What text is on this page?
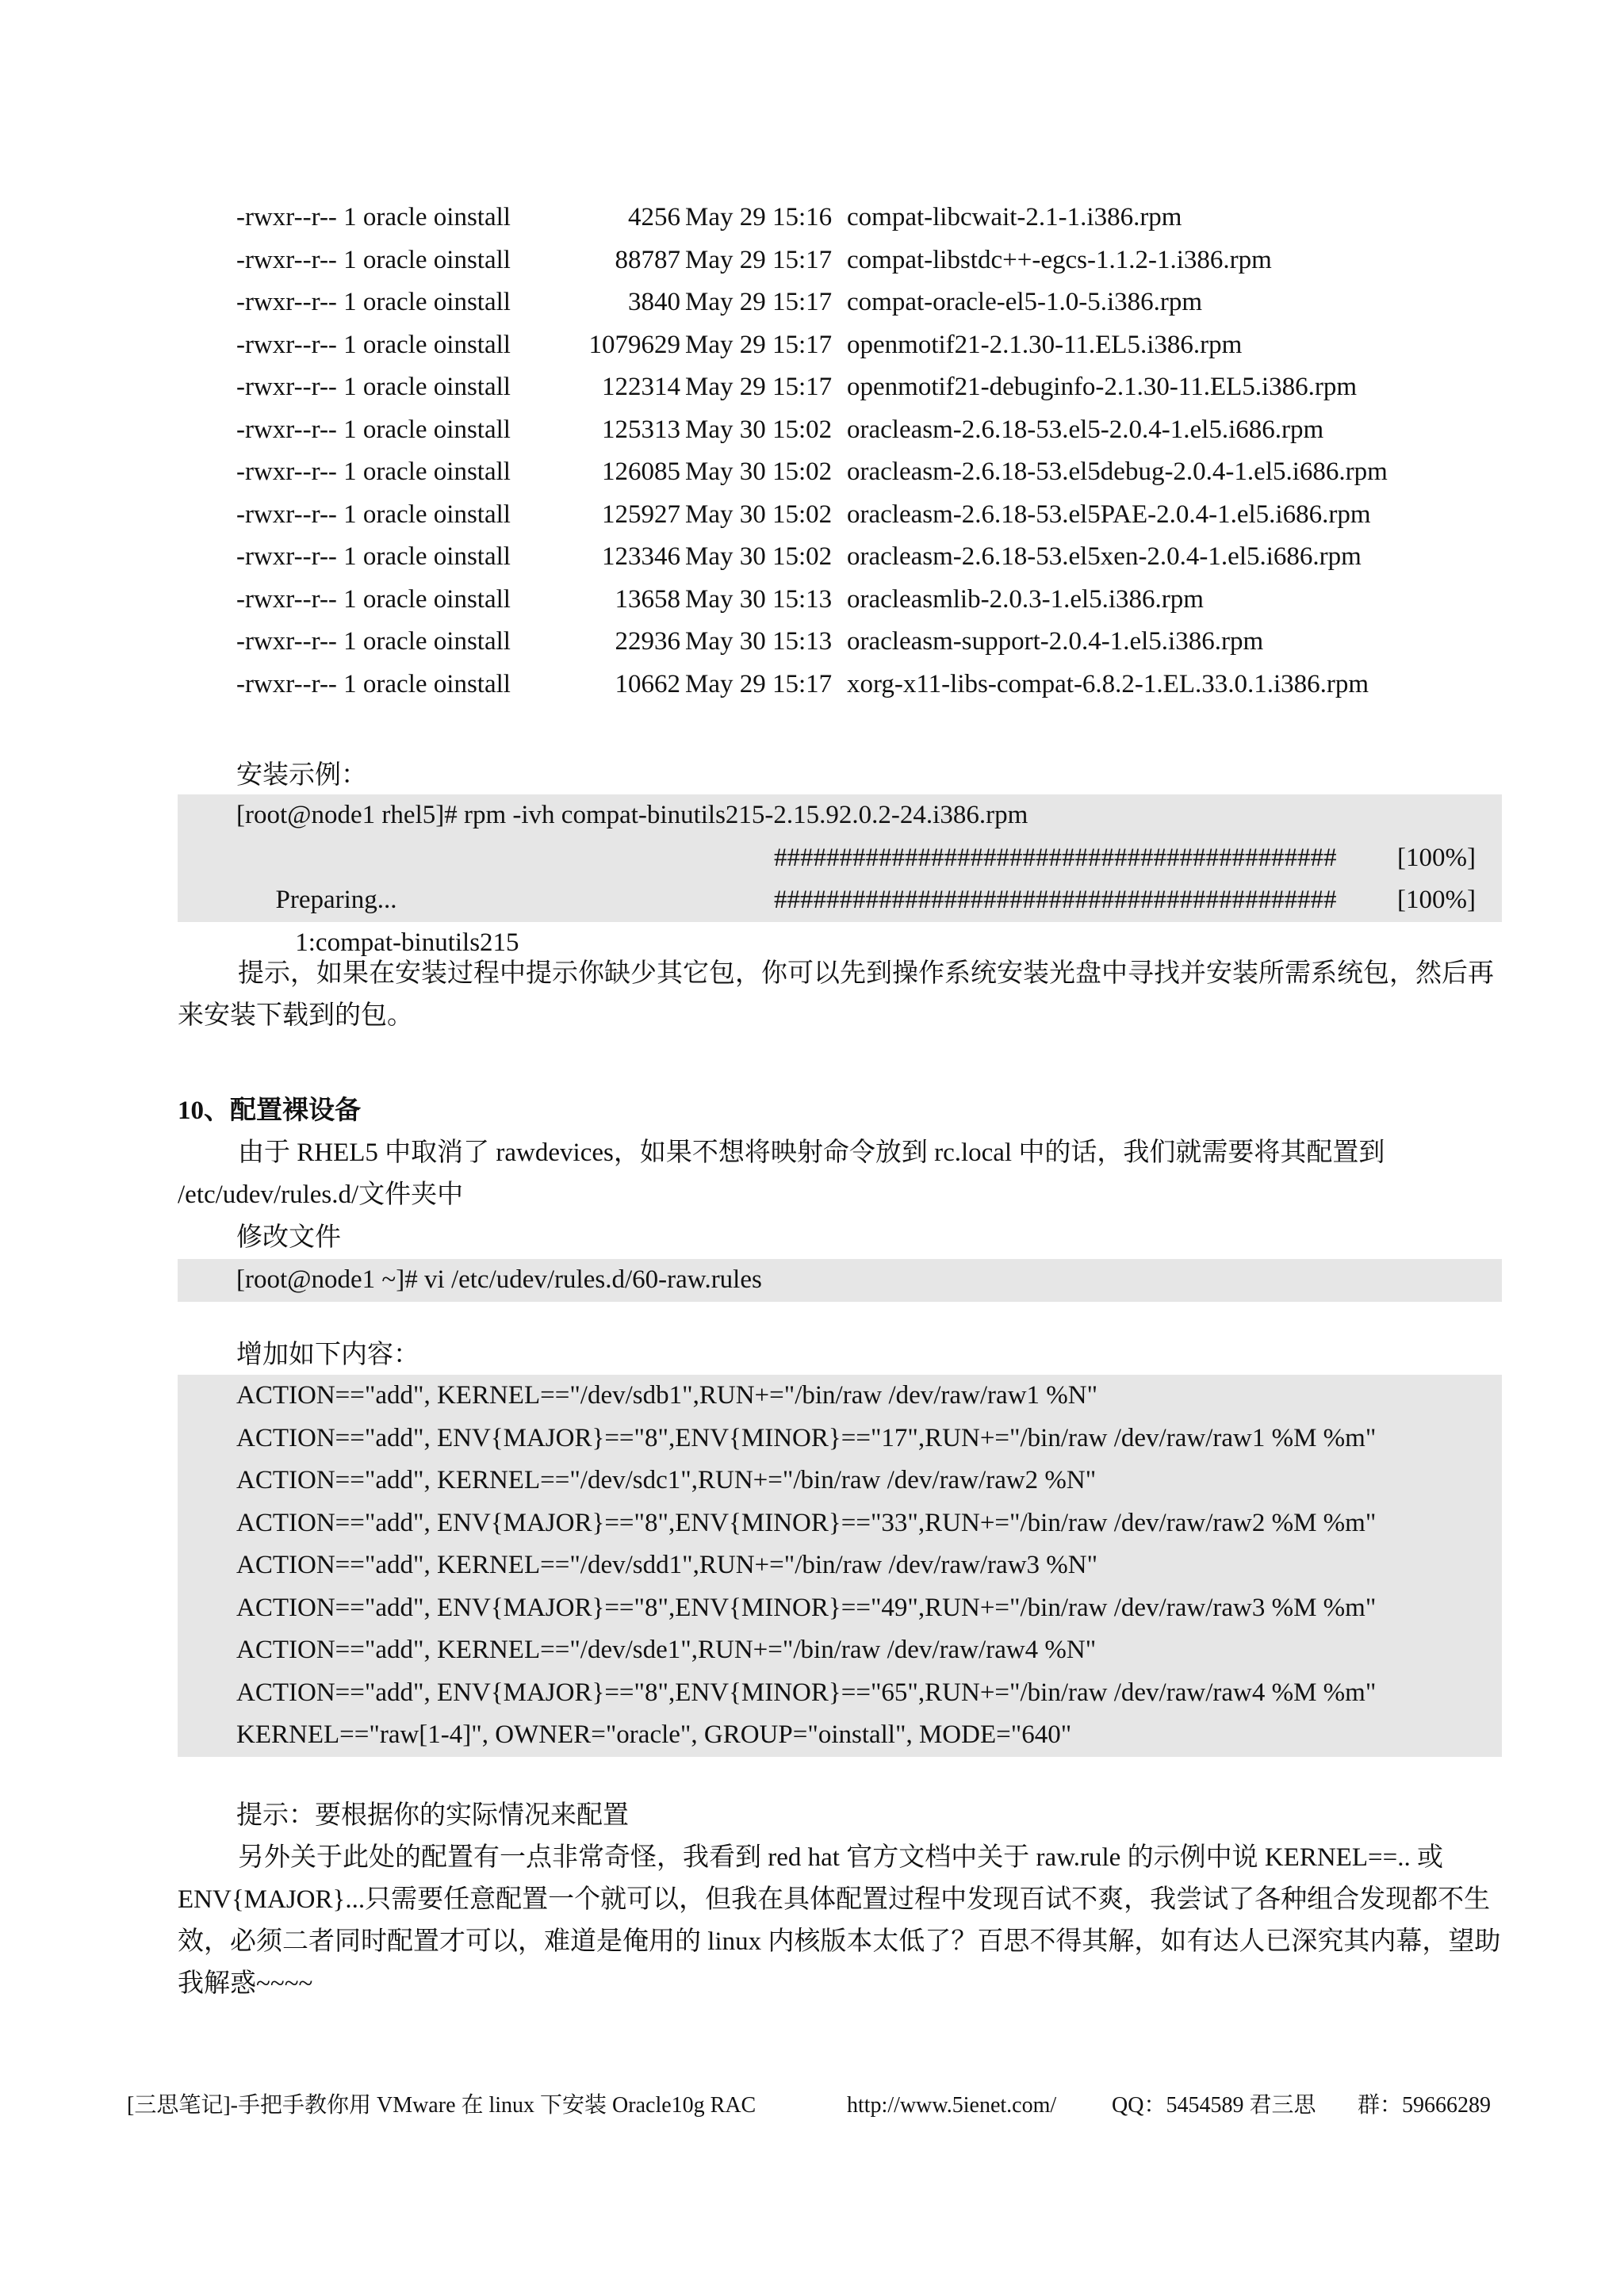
-rwxr--r-- 1 oracle oinstall	4256 May 29 15:16 compat-libcwait-2.1-1.i386.rpm
-rwxr--r-- 1 oracle oinstall	88787 May 29 15:17 compat-libstdc++-egcs-1.1.2-1.i386.rpm
-rwxr--r-- 1 oracle oinstall	3840 May 29 15:17 compat-oracle-el5-1.0-5.i386.rpm
-rwxr--r-- 1 oracle oinstall	1079629 May 29 15:17 openmotif21-2.1.30-11.EL5.i386.rpm
-rwxr--r-- 1 oracle oinstall	122314 May 29 15:17 openmotif21-debuginfo-2.1.30-11.EL5.i386.rpm
-rwxr--r-- 1 oracle oinstall	125313 May 30 15:02 oracleasm-2.6.18-53.el5-2.0.4-1.el5.i686.rpm
-rwxr--r-- 1 oracle oinstall	126085 May 30 15:02 oracleasm-2.6.18-53.el5debug-2.0.4-1.el5.i686.rpm
-rwxr--r-- 1 oracle oinstall	125927 May 30 15:02 oracleasm-2.6.18-53.el5PAE-2.0.4-1.el5.i686.rpm
-rwxr--r-- 1 oracle oinstall	123346 May 30 15:02 oracleasm-2.6.18-53.el5xen-2.0.4-1.el5.i686.rpm
-rwxr--r-- 1 oracle oinstall	13658 May 30 15:13 oracleasmlib-2.0.3-1.el5.i386.rpm
-rwxr--r-- 1 oracle oinstall	22936 May 30 15:13 oracleasm-support-2.0.4-1.el5.i386.rpm
-rwxr--r-- 1 oracle oinstall	10662 May 29 15:17 xorg-x11-libs-compat-6.8.2-1.EL.33.0.1.i386.rpm
安装示例：
[root@node1 rhel5]# rpm -ivh compat-binutils215-2.15.92.0.2-24.i386.rpm

Preparing...

###########################################

[100%]

1:compat-binutils215

###########################################

[100%]

提示，如果在安装过程中提示你缺少其它包，你可以先到操作系统安装光盘中寻找并安装所需系统包，然后再来安装下载到的包。
10、配置裸设备
由于 RHEL5 中取消了 rawdevices，如果不想将映射命令放到 rc.local 中的话，我们就需要将其配置到 /etc/udev/rules.d/文件夹中
修改文件
[root@node1 ~]# vi /etc/udev/rules.d/60-raw.rules
增加如下内容：
ACTION=="add", KERNEL=="/dev/sdb1",RUN+="/bin/raw /dev/raw/raw1 %N"
ACTION=="add", ENV{MAJOR}=="8",ENV{MINOR}=="17",RUN+="/bin/raw /dev/raw/raw1 %M %m"
ACTION=="add", KERNEL=="/dev/sdc1",RUN+="/bin/raw /dev/raw/raw2 %N"
ACTION=="add", ENV{MAJOR}=="8",ENV{MINOR}=="33",RUN+="/bin/raw /dev/raw/raw2 %M %m"
ACTION=="add", KERNEL=="/dev/sdd1",RUN+="/bin/raw /dev/raw/raw3 %N"
ACTION=="add", ENV{MAJOR}=="8",ENV{MINOR}=="49",RUN+="/bin/raw /dev/raw/raw3 %M %m"
ACTION=="add", KERNEL=="/dev/sde1",RUN+="/bin/raw /dev/raw/raw4 %N"
ACTION=="add", ENV{MAJOR}=="8",ENV{MINOR}=="65",RUN+="/bin/raw /dev/raw/raw4 %M %m"
KERNEL=="raw[1-4]", OWNER="oracle", GROUP="oinstall", MODE="640"
提示：要根据你的实际情况来配置
另外关于此处的配置有一点非常奇怪，我看到 red hat 官方文档中关于 raw.rule 的示例中说 KERNEL==.. 或 ENV{MAJOR}...只需要任意配置一个就可以，但我在具体配置过程中发现百试不爽，我尝试了各种组合发现都不生效，必须二者同时配置才可以，难道是俺用的 linux 内核版本太低了？百思不得其解，如有达人已深究其内幕，望助我解惑~~~~

[三思笔记]-手把手教你用 VMware 在 linux 下安装 Oracle10g RAC

	http://www.5ienet.com/

QQ：5454589 君三思

群：59666289
